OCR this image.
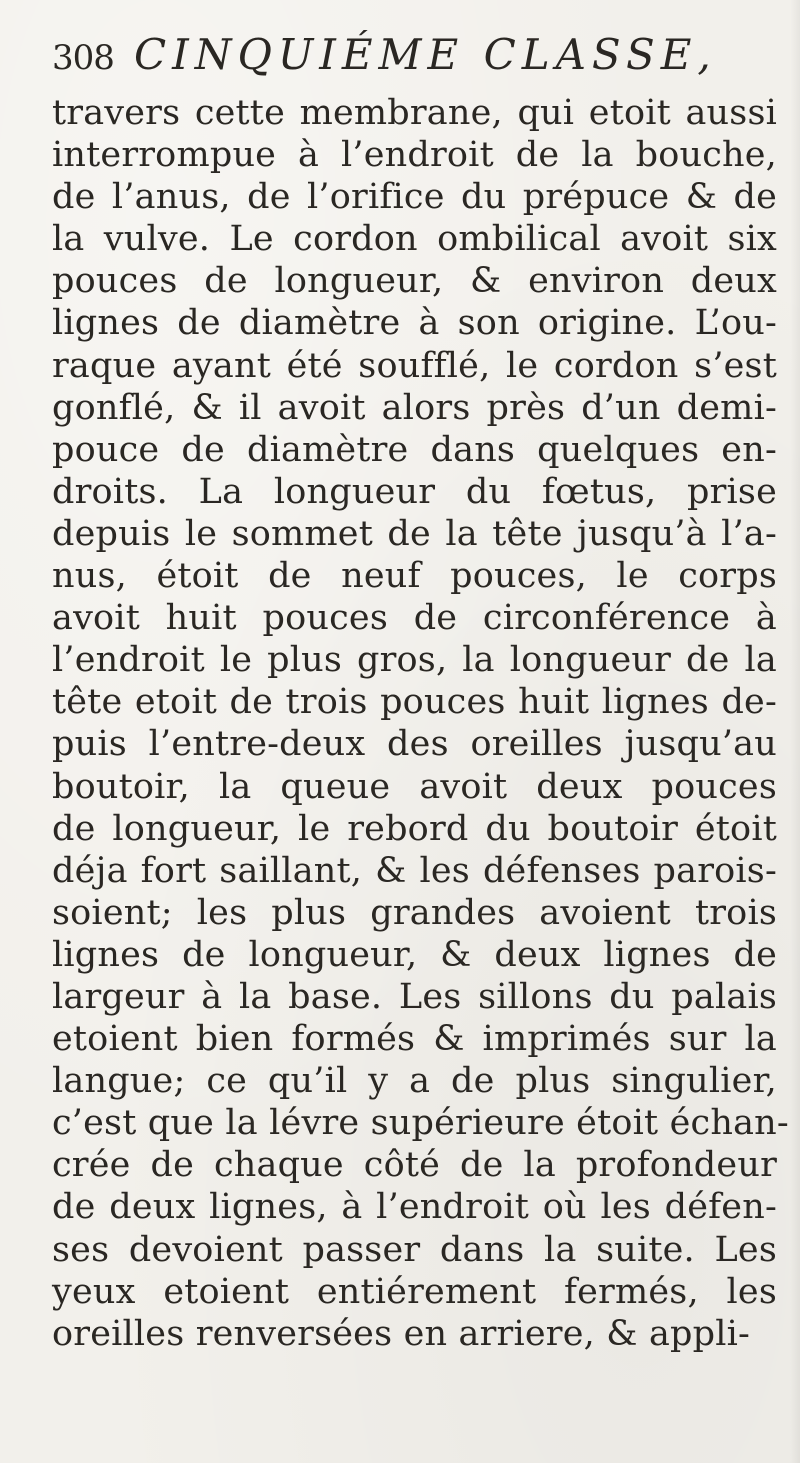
308 CINQUIÉME CLASSE,
travers cette membrane, qui etoit aussi
interrompue à l’endroit de la bouche,
de l’anus, de l’orifice du prépuce & de
la vulve. Le cordon ombilical avoit six
pouces de longueur, & environ deux
lignes de diamètre à son origine. L’ou-
raque ayant été soufflé, le cordon s’est
gonflé, & il avoit alors près d’un demi-
pouce de diamètre dans quelques en-
droits. La longueur du fœtus, prise
depuis le sommet de la tête jusqu’à l’a-
nus, étoit de neuf pouces, le corps
avoit huit pouces de circonférence à
l’endroit le plus gros, la longueur de la
tête etoit de trois pouces huit lignes de-
puis l’entre-deux des oreilles jusqu’au
boutoir, la queue avoit deux pouces
de longueur, le rebord du boutoir étoit
déja fort saillant, & les défenses parois-
soient; les plus grandes avoient trois
lignes de longueur, & deux lignes de
largeur à la base. Les sillons du palais
etoient bien formés & imprimés sur la
langue; ce qu’il y a de plus singulier,
c’est que la lévre supérieure étoit échan-
crée de chaque côté de la profondeur
de deux lignes, à l’endroit où les défen-
ses devoient passer dans la suite. Les
yeux etoient entiérement fermés, les
oreilles renversées en arriere, & appli-
